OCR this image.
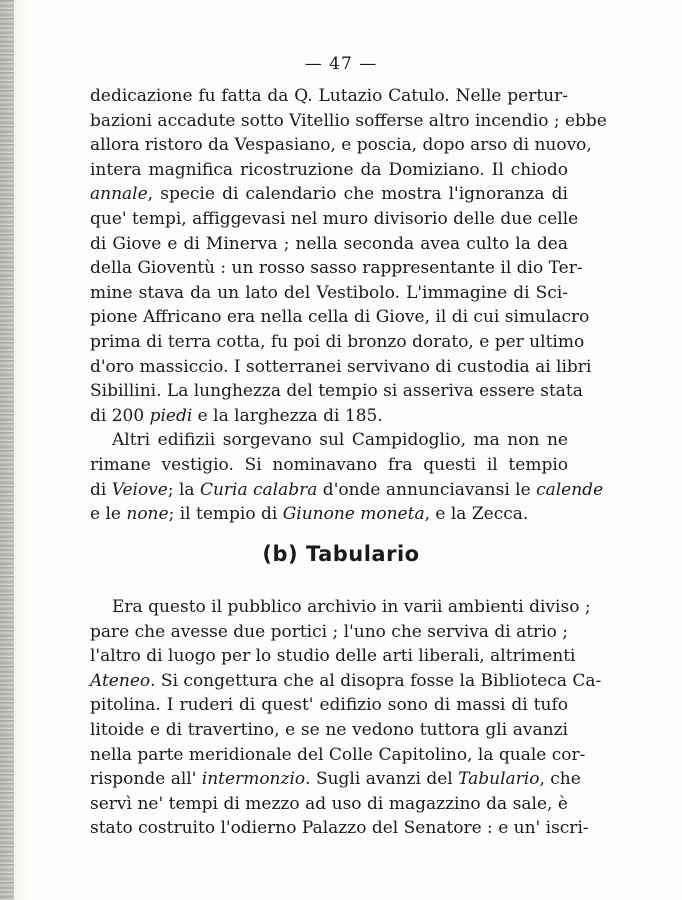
— 47 —
dedicazione fu fatta da Q. Lutazio Catulo. Nelle pertur-
bazioni accadute sotto Vitellio sofferse altro incendio ; ebbe
allora ristoro da Vespasiano, e poscia, dopo arso di nuovo,
intera magnifica ricostruzione da Domiziano. Il chiodo
annale, specie di calendario che mostra l'ignoranza di
que' tempi, affiggevasi nel muro divisorio delle due celle
di Giove e di Minerva ; nella seconda avea culto la dea
della Gioventù : un rosso sasso rappresentante il dio Ter-
mine stava da un lato del Vestibolo. L'immagine di Sci-
pione Affricano era nella cella di Giove, il di cui simulacro
prima di terra cotta, fu poi di bronzo dorato, e per ultimo
d'oro massiccio. I sotterranei servivano di custodia ai libri
Sibillini. La lunghezza del tempio si asseriva essere stata
di 200 piedi e la larghezza di 185.
Altri edifizii sorgevano sul Campidoglio, ma non ne
rimane vestigio. Si nominavano fra questi il tempio
di Veiove; la Curia calabra d'onde annunciavansi le calende
e le none; il tempio di Giunone moneta, e la Zecca.
(b) Tabulario
Era questo il pubblico archivio in varii ambienti diviso ;
pare che avesse due portici ; l'uno che serviva di atrio ;
l'altro di luogo per lo studio delle arti liberali, altrimenti
Ateneo. Si congettura che al disopra fosse la Biblioteca Ca-
pitolina. I ruderi di quest' edifizio sono di massi di tufo
litoide e di travertino, e se ne vedono tuttora gli avanzi
nella parte meridionale del Colle Capitolino, la quale cor-
risponde all' intermonzio. Sugli avanzi del Tabulario, che
servì ne' tempi di mezzo ad uso di magazzino da sale, è
stato costruito l'odierno Palazzo del Senatore : e un' iscri-
